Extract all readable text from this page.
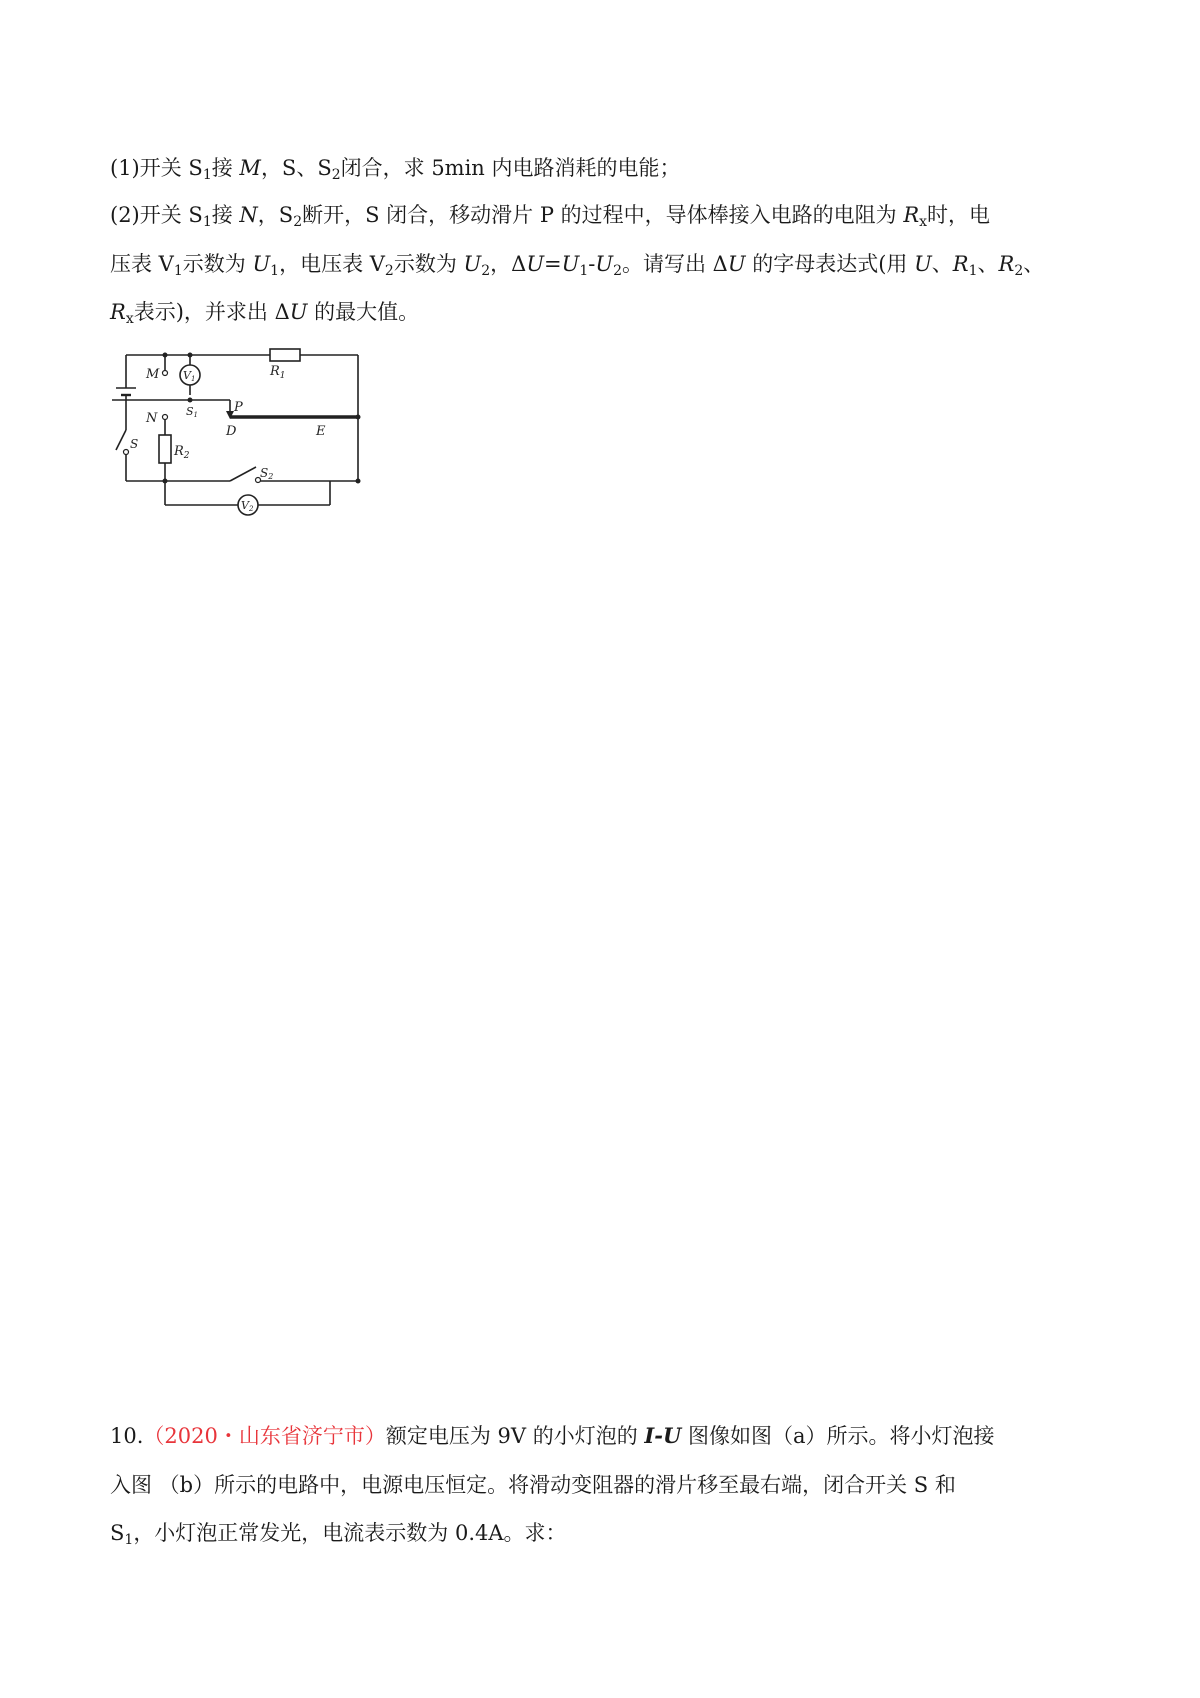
(1)开关 $S_1$接 M，S、$S_2$闭合，求 5min 内电路消耗的电能；
(2)开关 $S_1$接 N，$S_2$断开，S 闭合，移动滑片 P 的过程中，导体棒接入电路的电阻为 $R_x$时，电
压表 $V_1$示数为 $U_1$，电压表 $V_2$示数为 $U_2$，$\Delta U=U_1-U_2$。请写出 ΔU 的字母表达式(用 U、$R_1$、$R_2$、
$R_x$表示)，并求出 ΔU 的最大值。
M
N
$R_1$
$R_2$
V1
V2
S1
S2
S
P
D	E
10.（2020・山东省济宁市）额定电压为 9V 的小灯泡的 I-U 图像如图（a）所示。将小灯泡接
入图 （b）所示的电路中，电源电压恒定。将滑动变阻器的滑片移至最右端，闭合开关 S 和
$S_1$，小灯泡正常发光，电流表示数为 0.4A。求：
